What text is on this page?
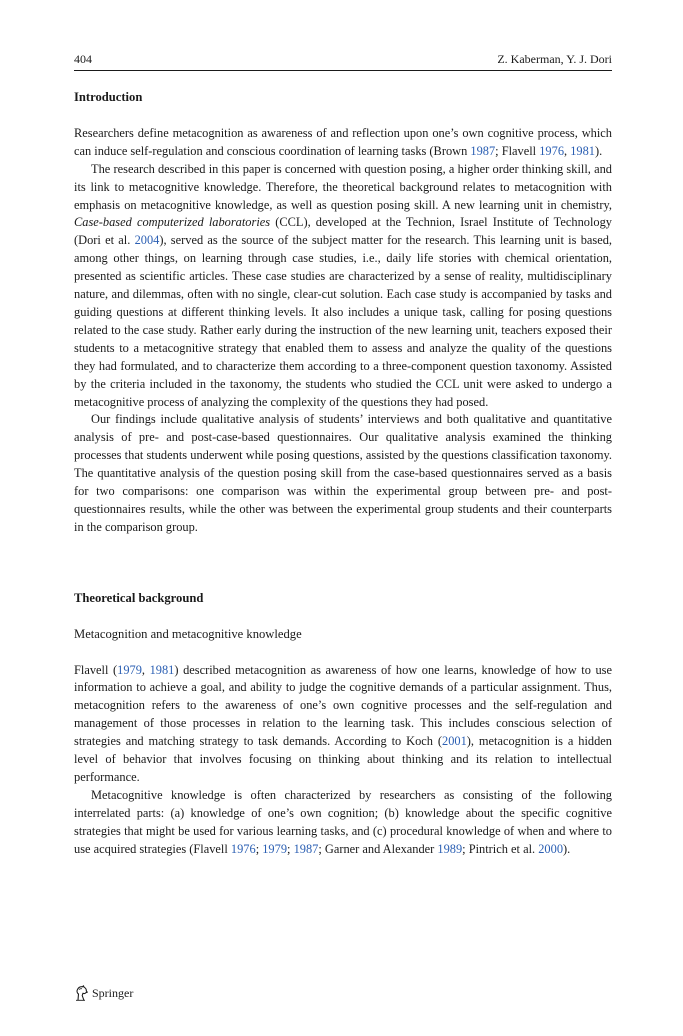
404	Z. Kaberman, Y. J. Dori
Introduction

Researchers define metacognition as awareness of and reflection upon one’s own cognitive process, which can induce self-regulation and conscious coordination of learning tasks (Brown 1987; Flavell 1976, 1981).

The research described in this paper is concerned with question posing, a higher order thinking skill, and its link to metacognitive knowledge. Therefore, the theoretical background relates to metacognition with emphasis on metacognitive knowledge, as well as question posing skill. A new learning unit in chemistry, Case-based computerized laboratories (CCL), developed at the Technion, Israel Institute of Technology (Dori et al. 2004), served as the source of the subject matter for the research. This learning unit is based, among other things, on learning through case studies, i.e., daily life stories with chemical orientation, presented as scientific articles. These case studies are characterized by a sense of reality, multidisciplinary nature, and dilemmas, often with no single, clear-cut solution. Each case study is accompanied by tasks and guiding questions at different thinking levels. It also includes a unique task, calling for posing questions related to the case study. Rather early during the instruction of the new learning unit, teachers exposed their students to a metacognitive strategy that enabled them to assess and analyze the quality of the questions they had formulated, and to characterize them according to a three-component question taxonomy. Assisted by the criteria included in the taxonomy, the students who studied the CCL unit were asked to undergo a metacognitive process of analyzing the complexity of the questions they had posed.

Our findings include qualitative analysis of students’ interviews and both qualitative and quantitative analysis of pre- and post-case-based questionnaires. Our qualitative analysis examined the thinking processes that students underwent while posing questions, assisted by the questions classification taxonomy. The quantitative analysis of the question posing skill from the case-based questionnaires served as a basis for two comparisons: one comparison was within the experimental group between pre- and post-questionnaires results, while the other was between the experimental group students and their counterparts in the comparison group.

Theoretical background
Metacognition and metacognitive knowledge

Flavell (1979, 1981) described metacognition as awareness of how one learns, knowledge of how to use information to achieve a goal, and ability to judge the cognitive demands of a particular assignment. Thus, metacognition refers to the awareness of one’s own cognitive processes and the self-regulation and management of those processes in relation to the learning task. This includes conscious selection of strategies and matching strategy to task demands. According to Koch (2001), metacognition is a hidden level of behavior that involves focusing on thinking about thinking and its relation to intellectual performance.

Metacognitive knowledge is often characterized by researchers as consisting of the following interrelated parts: (a) knowledge of one’s own cognition; (b) knowledge about the specific cognitive strategies that might be used for various learning tasks, and (c) procedural knowledge of when and where to use acquired strategies (Flavell 1976; 1979; 1987; Garner and Alexander 1989; Pintrich et al. 2000).

Springer
